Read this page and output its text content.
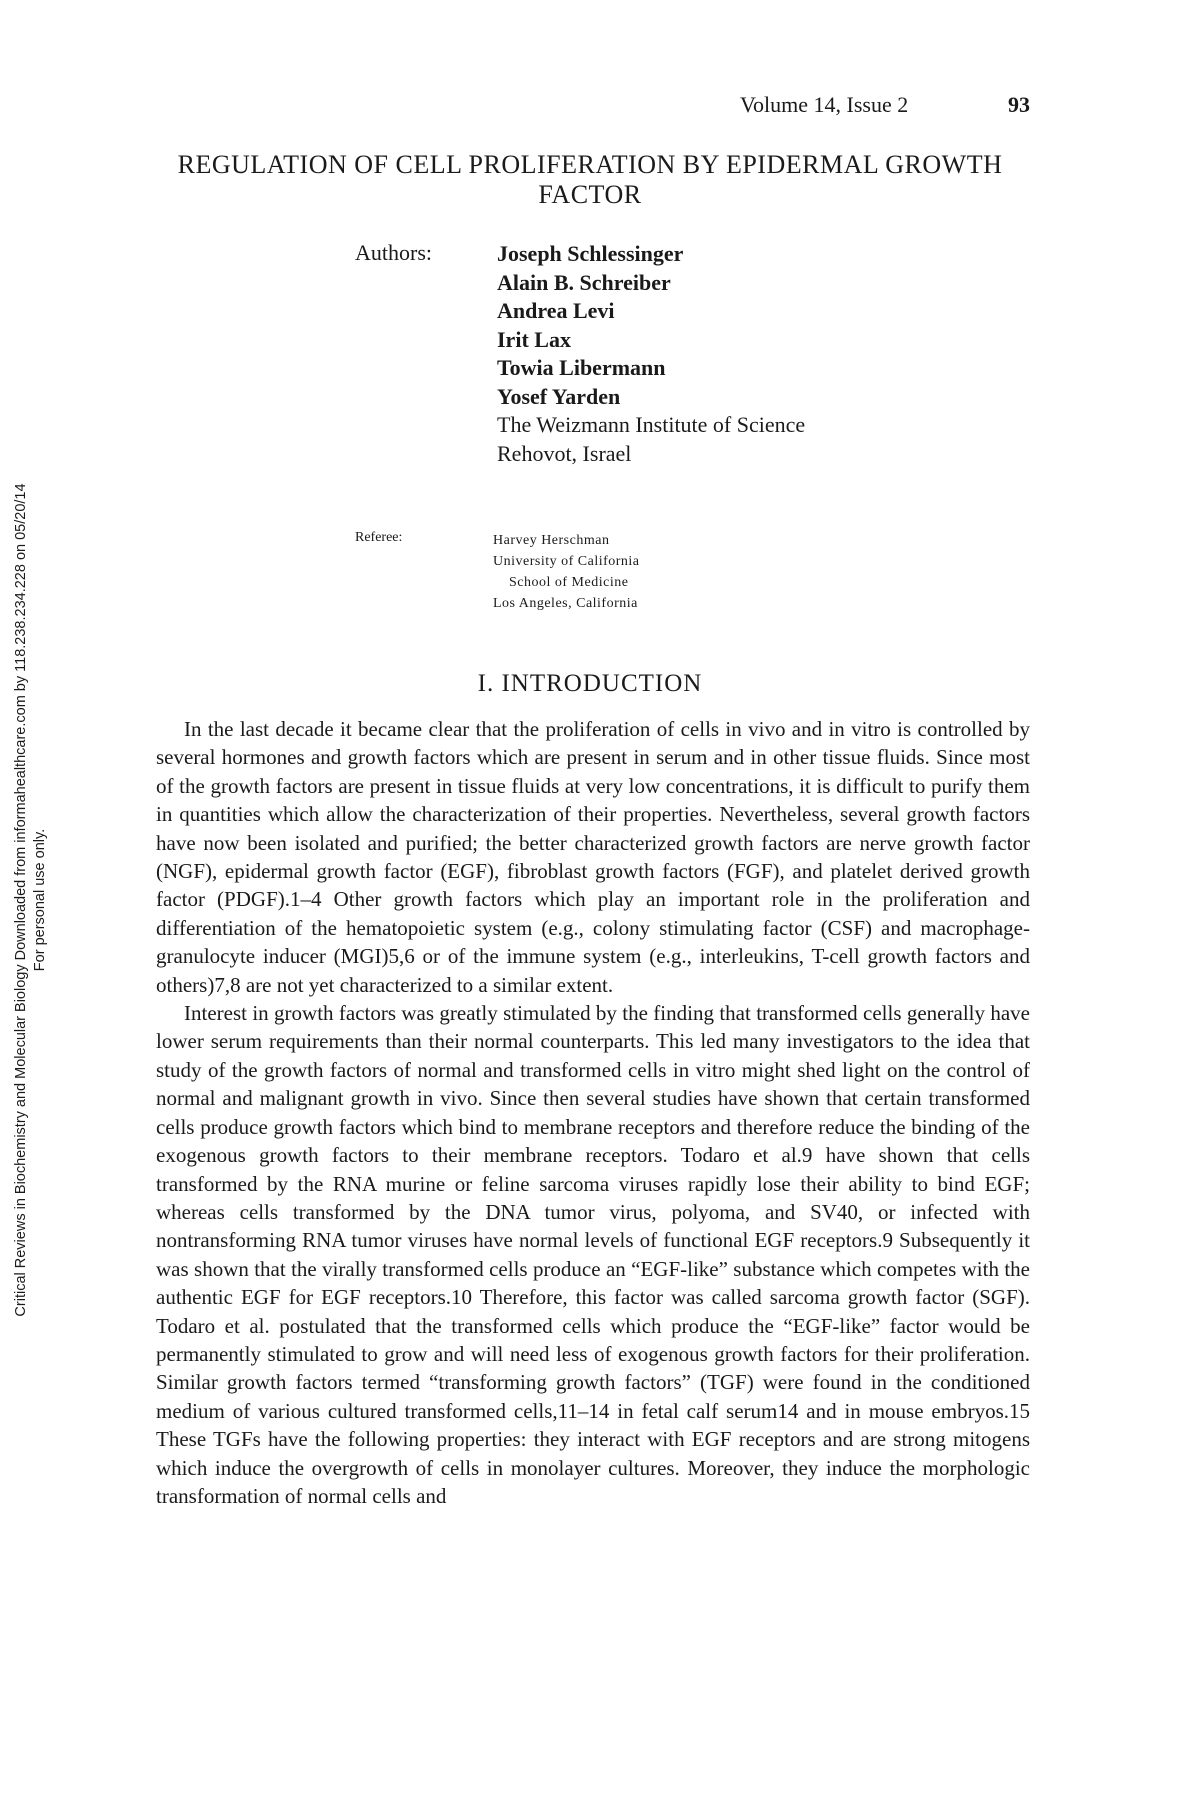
Volume 14, Issue 2	93
REGULATION OF CELL PROLIFERATION BY EPIDERMAL GROWTH FACTOR
Authors:	Joseph Schlessinger
Alain B. Schreiber
Andrea Levi
Irit Lax
Towia Libermann
Yosef Yarden
The Weizmann Institute of Science
Rehovot, Israel
Referee:	Harvey Herschman
University of California
School of Medicine
Los Angeles, California
I. INTRODUCTION

In the last decade it became clear that the proliferation of cells in vivo and in vitro is controlled by several hormones and growth factors which are present in serum and in other tissue fluids. Since most of the growth factors are present in tissue fluids at very low concentrations, it is difficult to purify them in quantities which allow the characterization of their properties. Nevertheless, several growth factors have now been isolated and purified; the better characterized growth factors are nerve growth factor (NGF), epidermal growth factor (EGF), fibroblast growth factors (FGF), and platelet derived growth factor (PDGF).1–4 Other growth factors which play an important role in the proliferation and differentiation of the hematopoietic system (e.g., colony stimulating factor (CSF) and macrophage-granulocyte inducer (MGI)5,6 or of the immune system (e.g., interleukins, T-cell growth factors and others)7,8 are not yet characterized to a similar extent.

Interest in growth factors was greatly stimulated by the finding that transformed cells generally have lower serum requirements than their normal counterparts. This led many investigators to the idea that study of the growth factors of normal and transformed cells in vitro might shed light on the control of normal and malignant growth in vivo. Since then several studies have shown that certain transformed cells produce growth factors which bind to membrane receptors and therefore reduce the binding of the exogenous growth factors to their membrane receptors. Todaro et al.9 have shown that cells transformed by the RNA murine or feline sarcoma viruses rapidly lose their ability to bind EGF; whereas cells transformed by the DNA tumor virus, polyoma, and SV40, or infected with nontransforming RNA tumor viruses have normal levels of functional EGF receptors.9 Subsequently it was shown that the virally transformed cells produce an “EGF-like” substance which competes with the authentic EGF for EGF receptors.10 Therefore, this factor was called sarcoma growth factor (SGF). Todaro et al. postulated that the transformed cells which produce the “EGF-like” factor would be permanently stimulated to grow and will need less of exogenous growth factors for their proliferation. Similar growth factors termed “transforming growth factors” (TGF) were found in the conditioned medium of various cultured transformed cells,11–14 in fetal calf serum14 and in mouse embryos.15 These TGFs have the following properties: they interact with EGF receptors and are strong mitogens which induce the overgrowth of cells in monolayer cultures. Moreover, they induce the morphologic transformation of normal cells and

Critical Reviews in Biochemistry and Molecular Biology Downloaded from informahealthcare.com by 118.238.234.228 on 05/20/14 For personal use only.
